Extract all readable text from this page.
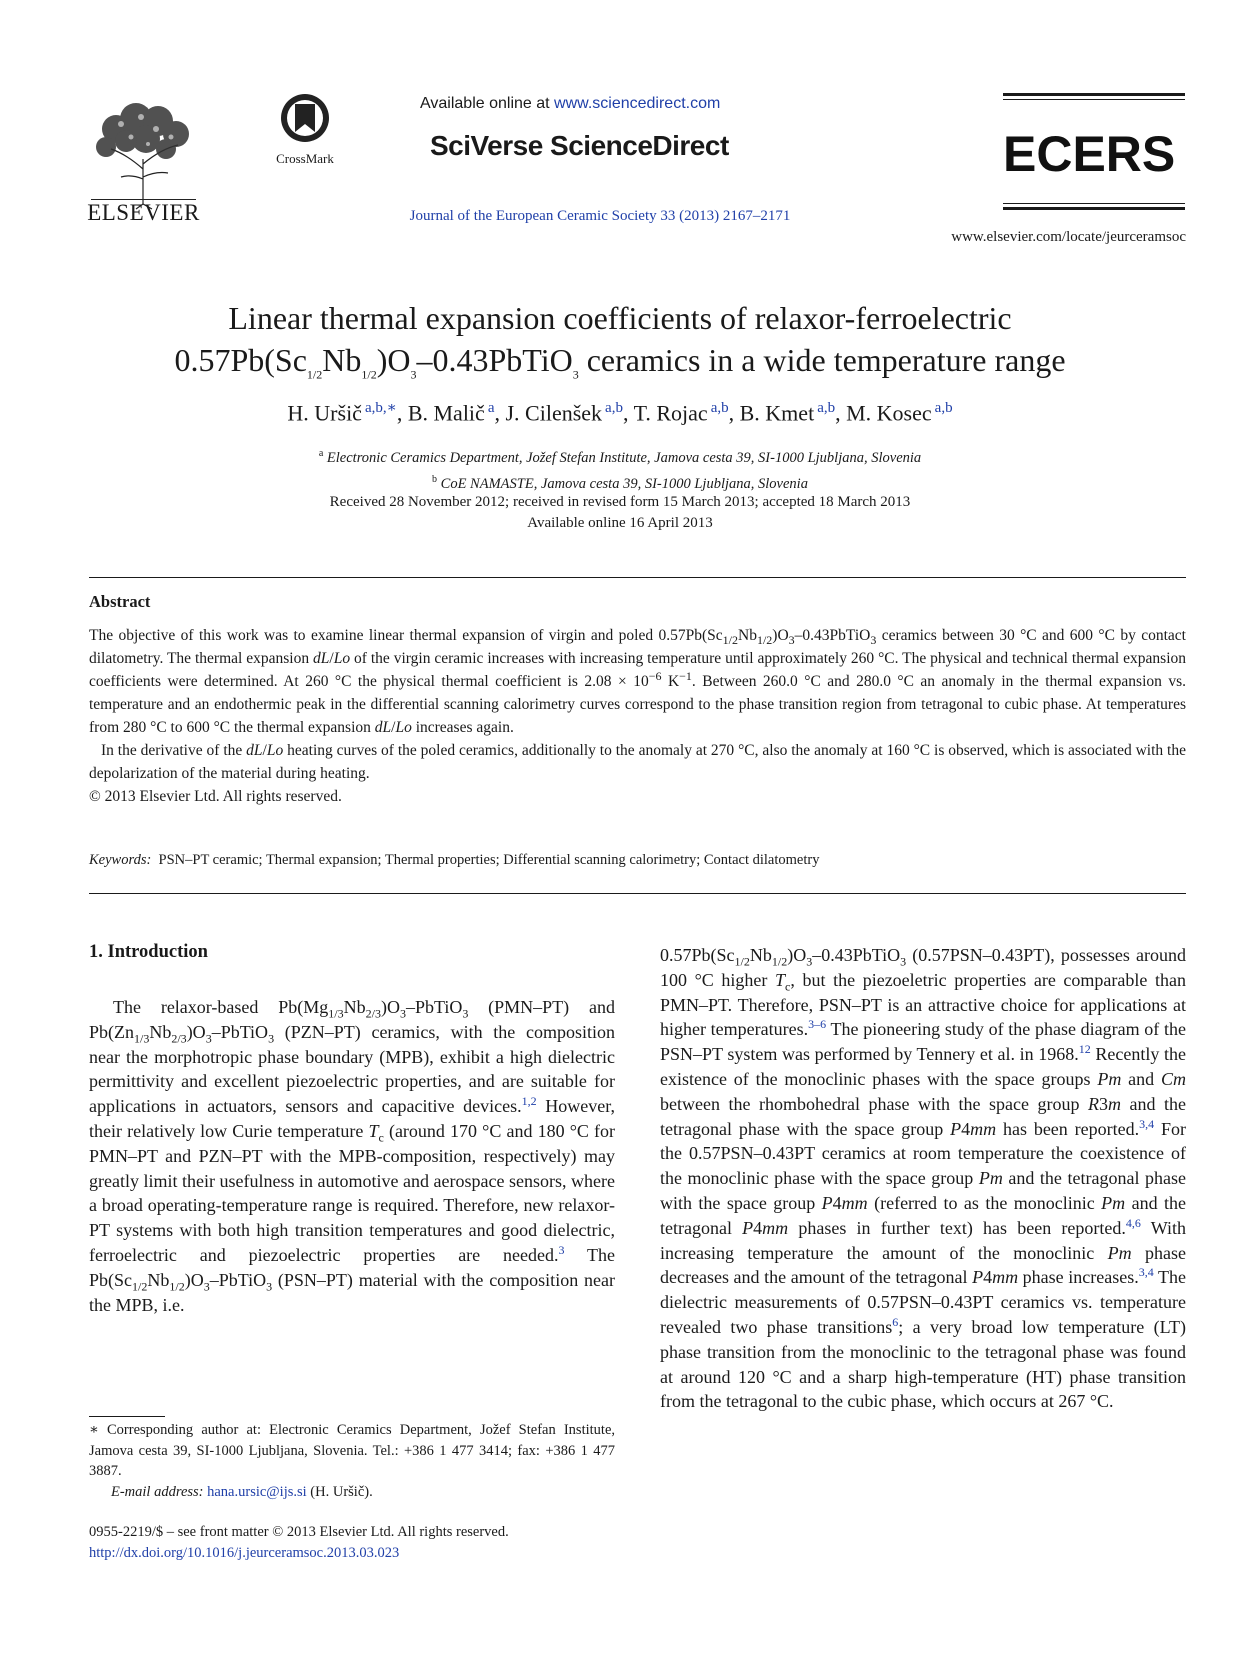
ELSEVIER
CrossMark
Available online at www.sciencedirect.com
SciVerse ScienceDirect
Journal of the European Ceramic Society 33 (2013) 2167–2171
ECERS
www.elsevier.com/locate/jeurceramsoc
Linear thermal expansion coefficients of relaxor-ferroelectric
$0.57Pb(Sc_{1/2}Nb_{1/2})O_3-0.43PbTiO_3$ ceramics in a wide temperature range
H. Uršič $^{a,b,∗}$, B. Malič $^a$, J. Cilenšek $^{a,b}$, T. Rojac $^{a,b}$, B. Kmet $^{a,b}$, M. Kosec $^{a,b}$
$^a$ Electronic Ceramics Department, Jožef Stefan Institute, Jamova cesta 39, SI-1000 Ljubljana, Slovenia
$^b$ CoE NAMASTE, Jamova cesta 39, SI-1000 Ljubljana, Slovenia
Received 28 November 2012; received in revised form 15 March 2013; accepted 18 March 2013
Available online 16 April 2013
Abstract

The objective of this work was to examine linear thermal expansion of virgin and poled $0.57Pb(Sc_{1/2}Nb_{1/2})O_3-0.43PbTiO_3$ ceramics between 30 °C and 600 °C by contact dilatometry. The thermal expansion dL/Lo of the virgin ceramic increases with increasing temperature until approximately 260 °C. The physical and technical thermal expansion coefficients were determined. At 260 °C the physical thermal coefficient is $2.08 \times 10^{-6}$ $K^{-1}$. Between 260.0 °C and 280.0 °C an anomaly in the thermal expansion vs. temperature and an endothermic peak in the differential scanning calorimetry curves correspond to the phase transition region from tetragonal to cubic phase. At temperatures from 280 °C to 600 °C the thermal expansion dL/Lo increases again.

In the derivative of the dL/Lo heating curves of the poled ceramics, additionally to the anomaly at 270 °C, also the anomaly at 160 °C is observed, which is associated with the depolarization of the material during heating.

© 2013 Elsevier Ltd. All rights reserved.

Keywords: PSN–PT ceramic; Thermal expansion; Thermal properties; Differential scanning calorimetry; Contact dilatometry
1. Introduction

The relaxor-based $Pb(Mg_{1/3}Nb_{2/3})O_3-PbTiO_3$ (PMN–PT) and $Pb(Zn_{1/3}Nb_{2/3})O_3-PbTiO_3$ (PZN–PT) ceramics, with the composition near the morphotropic phase boundary (MPB), exhibit a high dielectric permittivity and excellent piezoelectric properties, and are suitable for applications in actuators, sensors and capacitive devices.$^{1,2}$ However, their relatively low Curie temperature $T_c$ (around 170 °C and 180 °C for PMN–PT and PZN–PT with the MPB-composition, respectively) may greatly limit their usefulness in automotive and aerospace sensors, where a broad operating-temperature range is required. Therefore, new relaxor-PT systems with both high transition temperatures and good dielectric, ferroelectric and piezoelectric properties are needed.$^3$ The $Pb(Sc_{1/2}Nb_{1/2})O_3-PbTiO_3$ (PSN–PT) material with the composition near the MPB, i.e.

$0.57Pb(Sc_{1/2}Nb_{1/2})O_3-0.43PbTiO_3$ (0.57PSN–0.43PT), possesses around 100 °C higher $T_c$, but the piezoeletric properties are comparable than PMN–PT. Therefore, PSN–PT is an attractive choice for applications at higher temperatures.$^{3-6}$ The pioneering study of the phase diagram of the PSN–PT system was performed by Tennery et al. in 1968.12 Recently the existence of the monoclinic phases with the space groups Pm and Cm between the rhombohedral phase with the space group R3m and the tetragonal phase with the space group P4mm has been reported.$^{3,4}$ For the 0.57PSN–0.43PT ceramics at room temperature the coexistence of the monoclinic phase with the space group Pm and the tetragonal phase with the space group P4mm (referred to as the monoclinic Pm and the tetragonal P4mm phases in further text) has been reported.$^{4,6}$ With increasing temperature the amount of the monoclinic Pm phase decreases and the amount of the tetragonal P4mm phase increases.$^{3,4}$ The dielectric measurements of 0.57PSN–0.43PT ceramics vs. temperature revealed two phase transitions$^6$; a very broad low temperature (LT) phase transition from the monoclinic to the tetragonal phase was found at around 120 °C and a sharp high-temperature (HT) phase transition from the tetragonal to the cubic phase, which occurs at 267 °C.

∗ Corresponding author at: Electronic Ceramics Department, Jožef Stefan Institute, Jamova cesta 39, SI-1000 Ljubljana, Slovenia. Tel.: +386 1 477 3414; fax: +386 1 477 3887.

E-mail address: hana.ursic@ijs.si (H. Uršič).

0955-2219/$ – see front matter © 2013 Elsevier Ltd. All rights reserved.
http://dx.doi.org/10.1016/j.jeurceramsoc.2013.03.023
